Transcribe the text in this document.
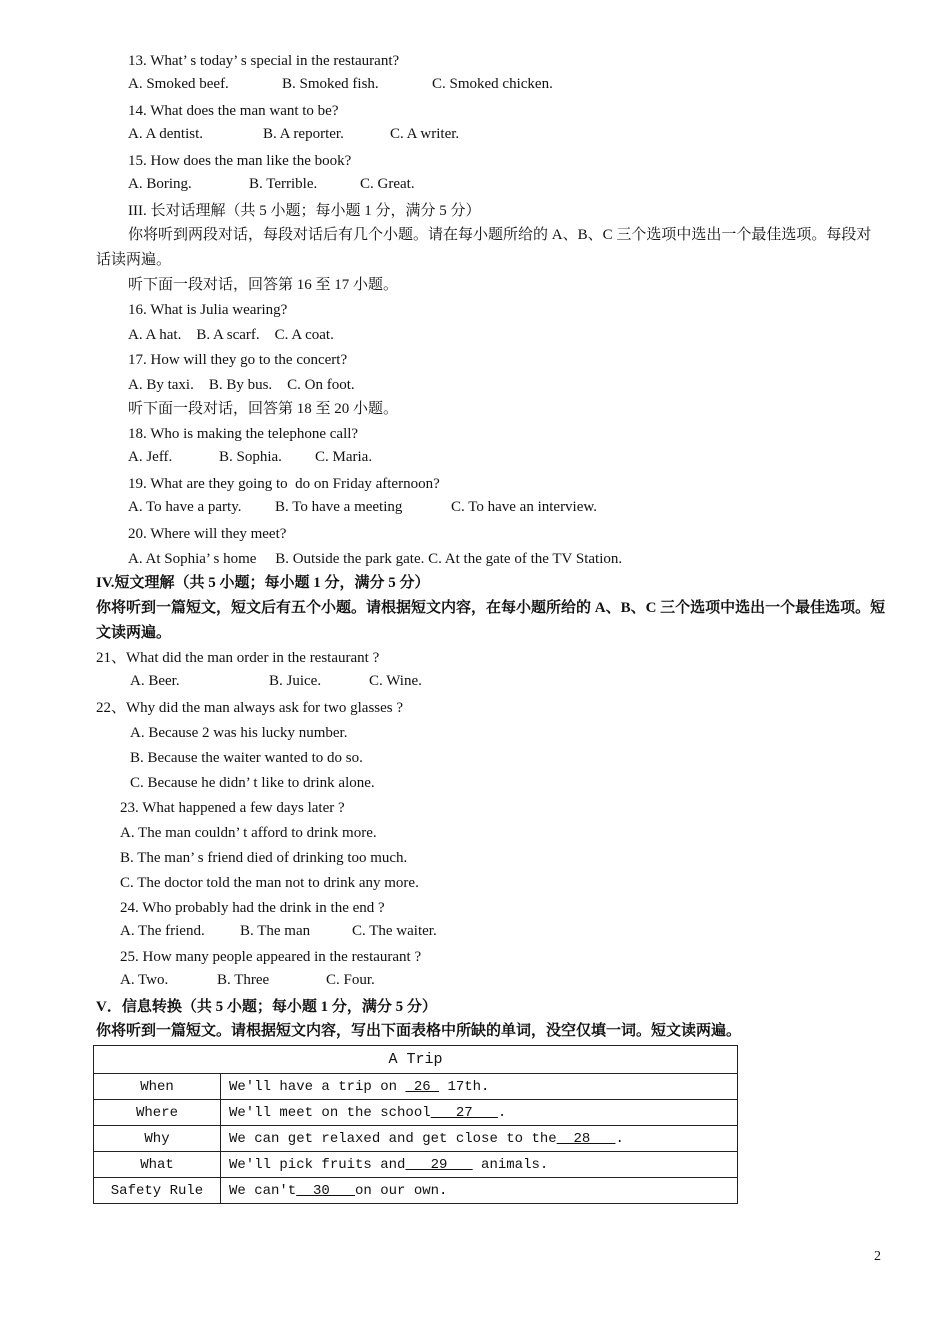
13. What’ s today’ s special in the restaurant?
A. Smoked beef.	B. Smoked fish.	C. Smoked chicken.
14. What does the man want to be?
A. A dentist.	B. A reporter.	C. A writer.
15. How does the man like the book?
A. Boring.	B. Terrible.	C. Great.
III. 长对话理解（共 5 小题；每小题 1 分，满分 5 分）
你将听到两段对话，每段对话后有几个小题。请在每小题所给的 A、B、C 三个选项中选出一个最佳选项。每段对话读两遍。
听下面一段对话，回答第 16 至 17 小题。
16. What is Julia wearing?
A. A hat.    B. A scarf.    C. A coat.
17. How will they go to the concert?
A. By taxi.    B. By bus.    C. On foot.
听下面一段对话，回答第 18 至 20 小题。
18. Who is making the telephone call?
A. Jeff.	B. Sophia. C. Maria.
19. What are they going to  do on Friday afternoon?
A. To have a party. B. To have a meeting	C. To have an interview.
20. Where will they meet?
A. At Sophia’ s home     B. Outside the park gate. C. At the gate of the TV Station.
IV.短文理解（共 5 小题；每小题 1 分，满分 5 分）
你将听到一篇短文，短文后有五个小题。请根据短文内容，在每小题所给的 A、B、C 三个选项中选出一个最佳选项。短文读两遍。
21、What did the man order in the restaurant ?
A. Beer.	B. Juice.	C. Wine.
22、Why did the man always ask for two glasses ?
A. Because 2 was his lucky number.
B. Because the waiter wanted to do so.
C. Because he didn’ t like to drink alone.
23. What happened a few days later ?
A. The man couldn’ t afford to drink more.
B. The man’ s friend died of drinking too much.
C. The doctor told the man not to drink any more.
24. Who probably had the drink in the end ?
A. The friend. B. The man	C. The waiter.
25. How many people appeared in the restaurant ?
A. Two.	B. Three	C. Four.
V．信息转换（共 5 小题；每小题 1 分，满分 5 分）
你将听到一篇短文。请根据短文内容，写出下面表格中所缺的单词，没空仅填一词。短文读两遍。
A Trip	
When	We'll have a trip on  26  17th.
Where	We'll meet on the school   27   .
Why	We can get relaxed and get close to the  28   .
What	We'll pick fruits and   29    animals.
Safety Rule	We can't  30   on our own.
2
